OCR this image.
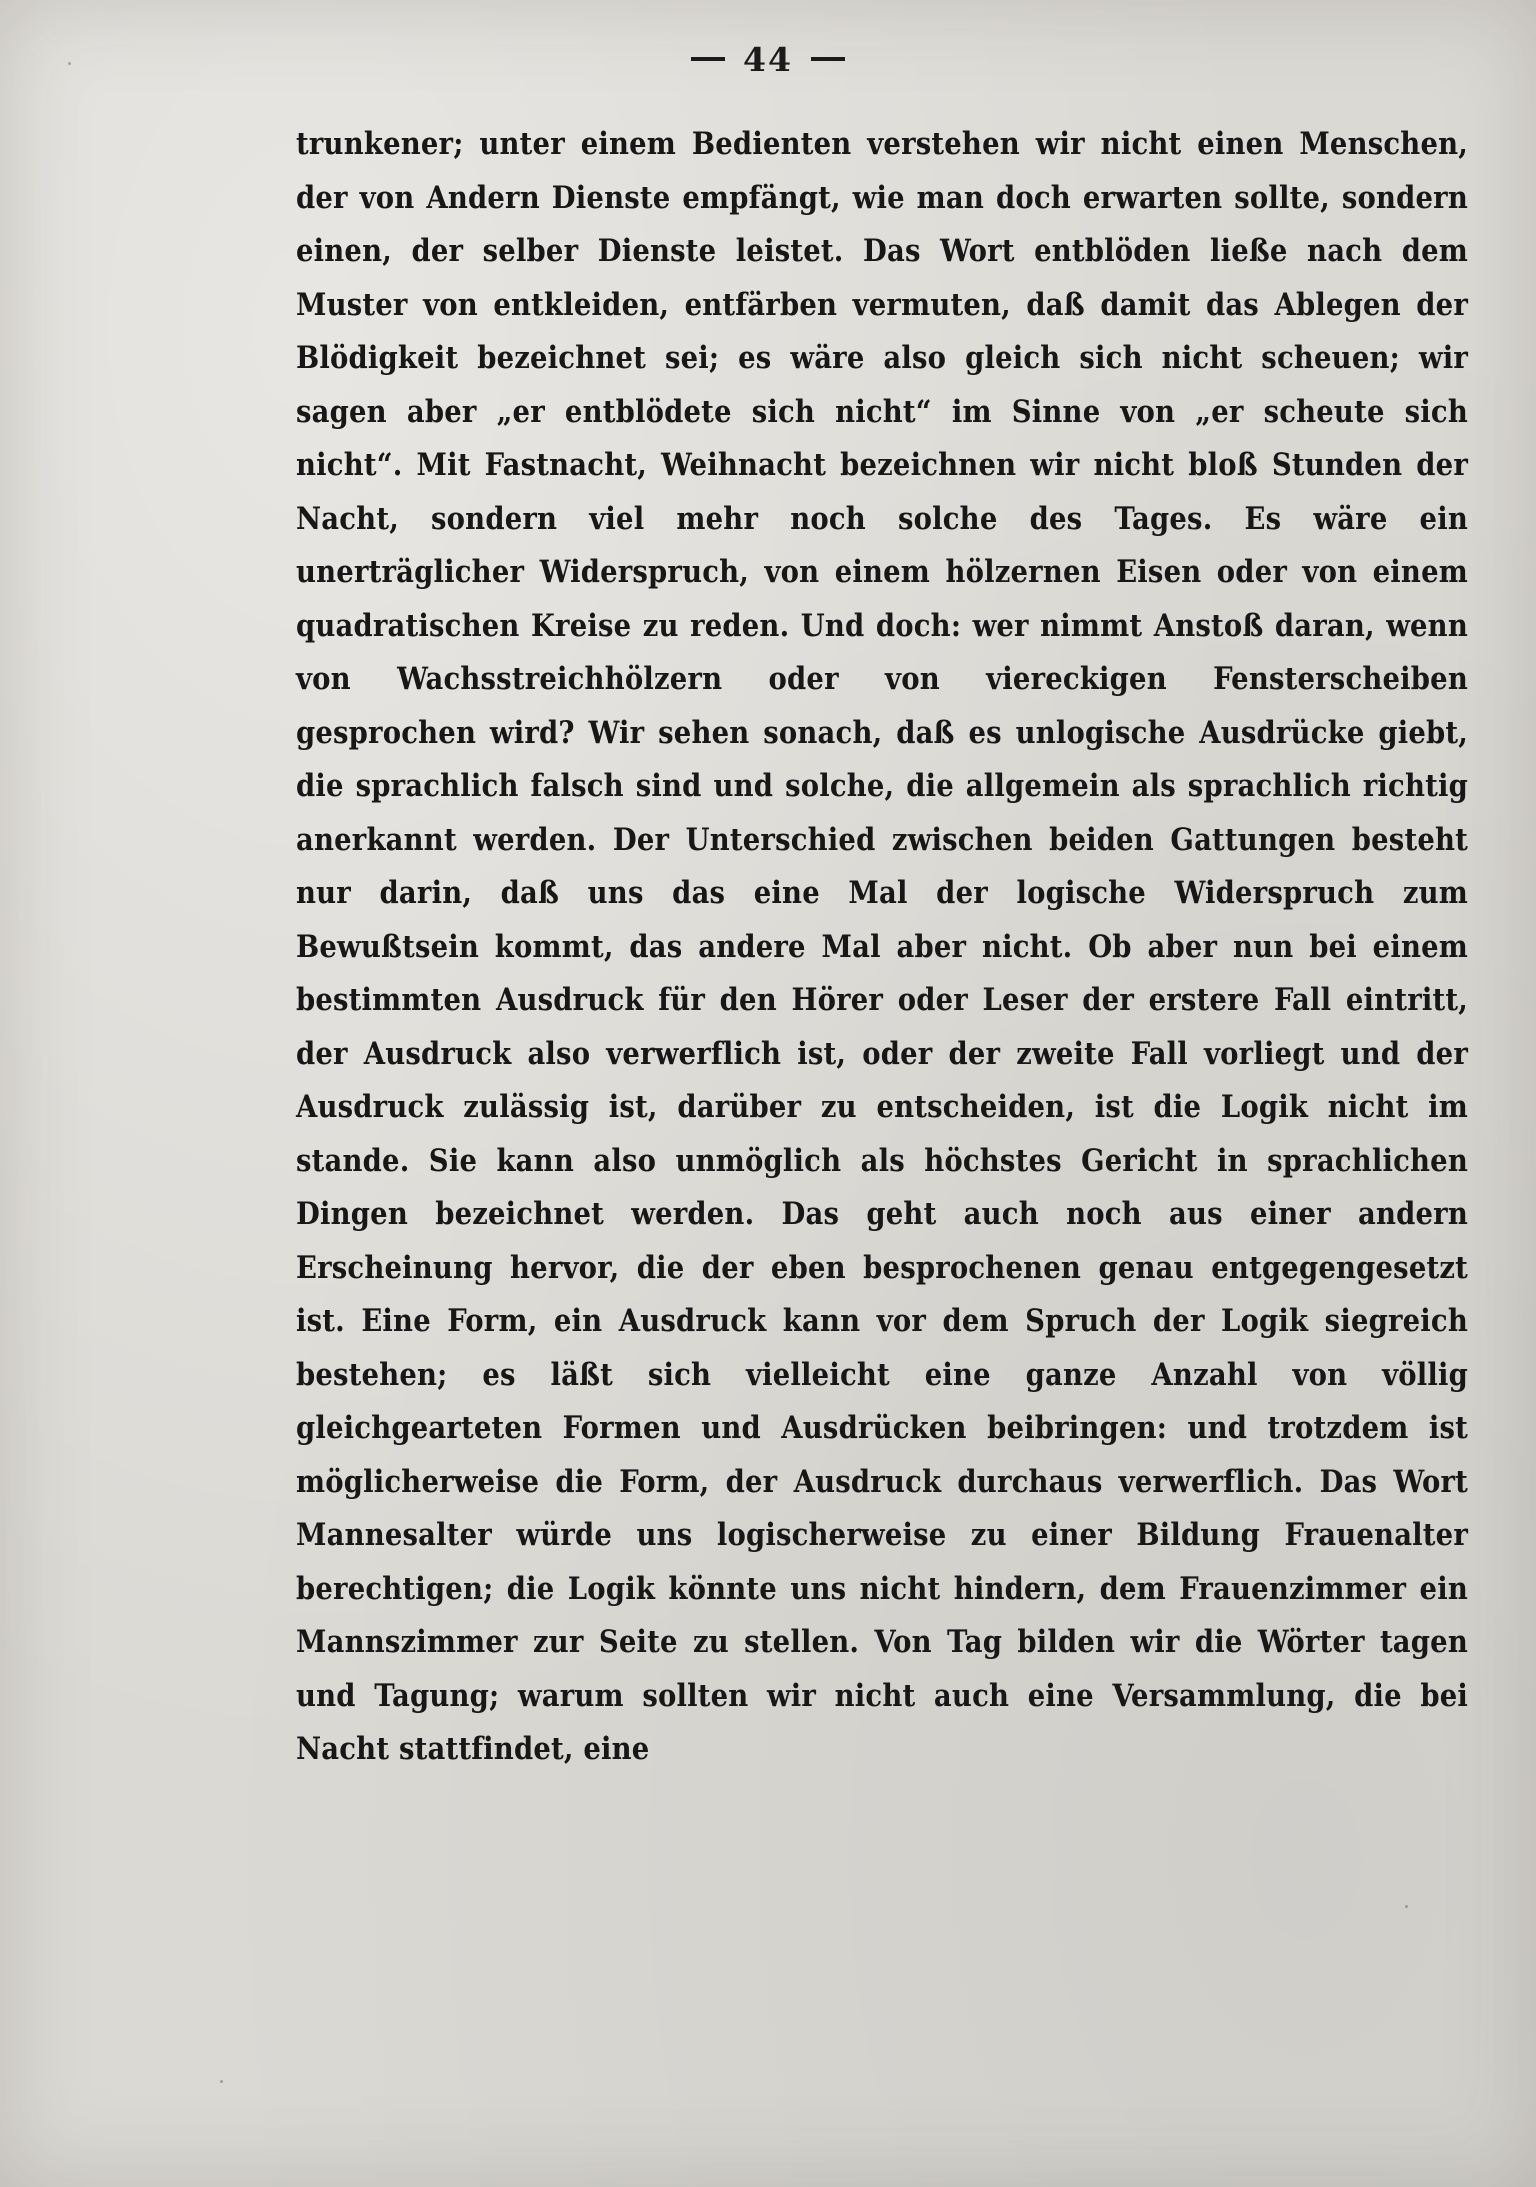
44

trunkener; unter einem Bedienten verstehen wir nicht einen Menschen, der von Andern Dienste empfängt, wie man doch erwarten sollte, sondern einen, der selber Dienste leistet. Das Wort entblöden ließe nach dem Muster von entkleiden, entfärben vermuten, daß damit das Ablegen der Blödigkeit bezeichnet sei; es wäre also gleich sich nicht scheuen; wir sagen aber „er entblödete sich nicht“ im Sinne von „er scheute sich nicht“. Mit Fastnacht, Weihnacht bezeichnen wir nicht bloß Stunden der Nacht, sondern viel mehr noch solche des Tages. Es wäre ein unerträglicher Widerspruch, von einem hölzernen Eisen oder von einem quadratischen Kreise zu reden. Und doch: wer nimmt Anstoß daran, wenn von Wachsstreichhölzern oder von viereckigen Fensterscheiben gesprochen wird? Wir sehen sonach, daß es unlogische Ausdrücke giebt, die sprachlich falsch sind und solche, die allgemein als sprachlich richtig anerkannt werden. Der Unterschied zwischen beiden Gattungen besteht nur darin, daß uns das eine Mal der logische Widerspruch zum Bewußtsein kommt, das andere Mal aber nicht. Ob aber nun bei einem bestimmten Ausdruck für den Hörer oder Leser der erstere Fall eintritt, der Ausdruck also verwerflich ist, oder der zweite Fall vorliegt und der Ausdruck zulässig ist, darüber zu entscheiden, ist die Logik nicht im stande. Sie kann also unmöglich als höchstes Gericht in sprachlichen Dingen bezeichnet werden. Das geht auch noch aus einer andern Erscheinung hervor, die der eben besprochenen genau entgegengesetzt ist. Eine Form, ein Ausdruck kann vor dem Spruch der Logik siegreich bestehen; es läßt sich vielleicht eine ganze Anzahl von völlig gleichgearteten Formen und Ausdrücken beibringen: und trotzdem ist möglicherweise die Form, der Ausdruck durchaus verwerflich. Das Wort Mannesalter würde uns logischerweise zu einer Bildung Frauenalter berechtigen; die Logik könnte uns nicht hindern, dem Frauenzimmer ein Mannszimmer zur Seite zu stellen. Von Tag bilden wir die Wörter tagen und Tagung; warum sollten wir nicht auch eine Versammlung, die bei Nacht stattfindet, eine
